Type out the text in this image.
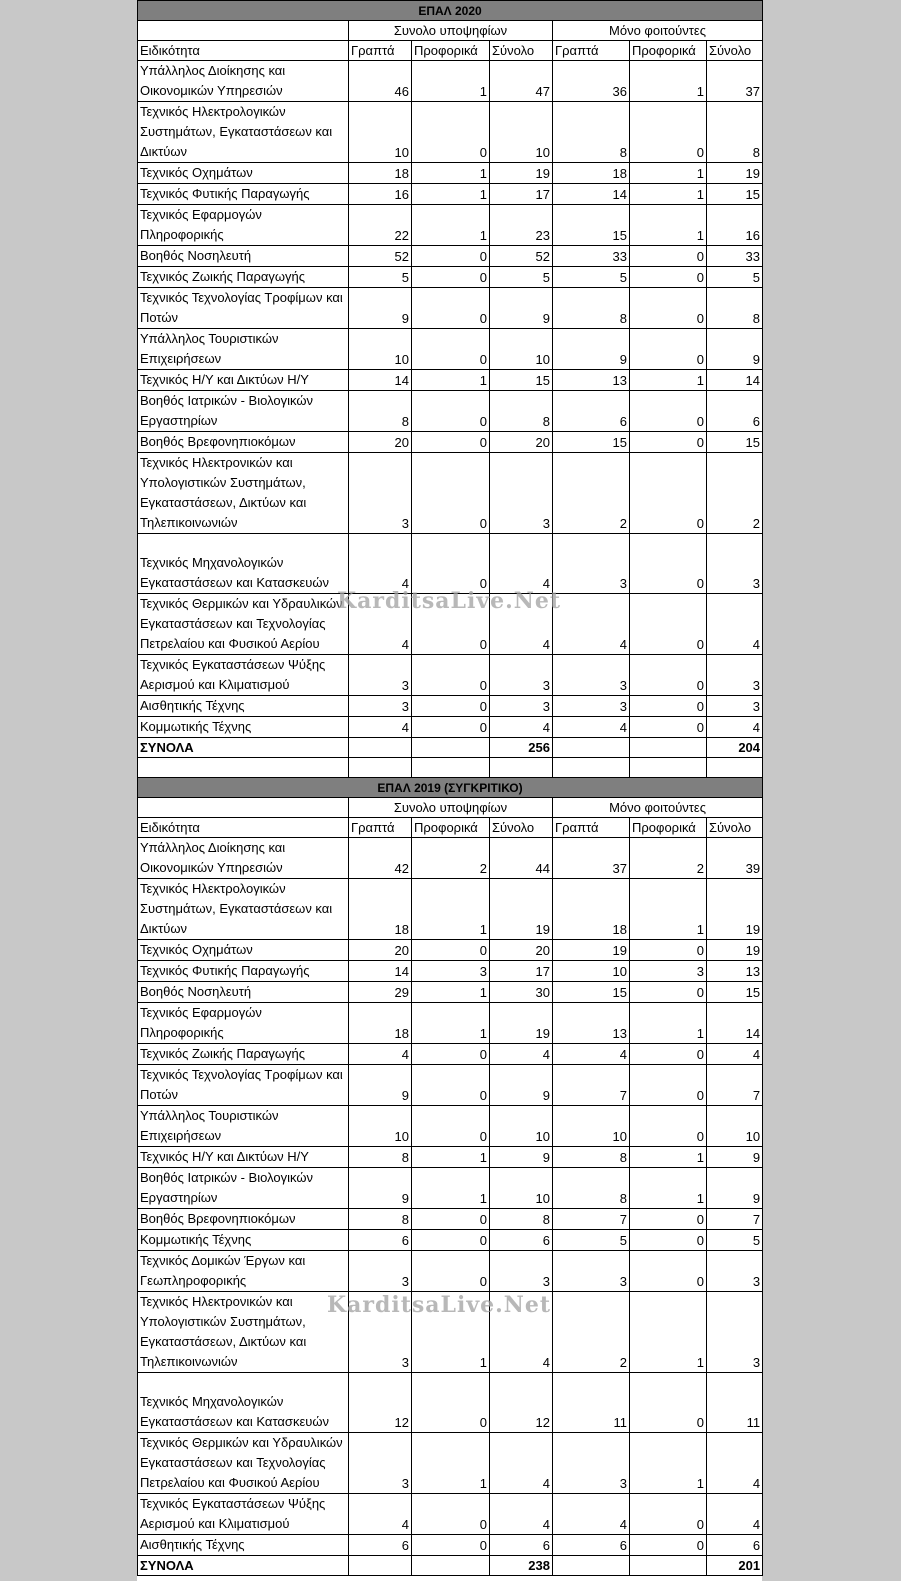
ΕΠΑΛ 2020						
	Συνολο υποψηφίων			Μόνο φοιτούντες		
Ειδικότητα	Γραπτά	Προφορικά	Σύνολο	Γραπτά	Προφορικά	Σύνολο
Υπάλληλος Διοίκησης και Οικονομικών Υπηρεσιών	46	1	47	36	1	37
Τεχνικός Ηλεκτρολογικών Συστημάτων, Εγκαταστάσεων και Δικτύων	10	0	10	8	0	8
Τεχνικός Οχημάτων	18	1	19	18	1	19
Τεχνικός Φυτικής Παραγωγής	16	1	17	14	1	15
Τεχνικός Εφαρμογών Πληροφορικής	22	1	23	15	1	16
Βοηθός Νοσηλευτή	52	0	52	33	0	33
Τεχνικός Ζωικής Παραγωγής	5	0	5	5	0	5
Τεχνικός Τεχνολογίας Τροφίμων και Ποτών	9	0	9	8	0	8
Υπάλληλος Τουριστικών Επιχειρήσεων	10	0	10	9	0	9
Τεχνικός Η/Υ και Δικτύων Η/Υ	14	1	15	13	1	14
Βοηθός Ιατρικών - Βιολογικών Εργαστηρίων	8	0	8	6	0	6
Βοηθός Βρεφονηπιοκόμων	20	0	20	15	0	15
Τεχνικός Ηλεκτρονικών και Υπολογιστικών Συστημάτων, Εγκαταστάσεων, Δικτύων και Τηλεπικοινωνιών	3	0	3	2	0	2
Τεχνικός Μηχανολογικών Εγκαταστάσεων και Κατασκευών	4	0	4	3	0	3
Τεχνικός Θερμικών και Υδραυλικών Εγκαταστάσεων και Τεχνολογίας Πετρελαίου και Φυσικού Αερίου	4	0	4	4	0	4
Τεχνικός Εγκαταστάσεων Ψύξης Αερισμού και Κλιματισμού	3	0	3	3	0	3
Αισθητικής Τέχνης	3	0	3	3	0	3
Κομμωτικής Τέχνης	4	0	4	4	0	4
ΣΥΝΟΛΑ			256			204

ΕΠΑΛ 2019 (ΣΥΓΚΡΙΤΙΚΟ)						
	Συνολο υποψηφίων			Μόνο φοιτούντες		
Ειδικότητα	Γραπτά	Προφορικά	Σύνολο	Γραπτά	Προφορικά	Σύνολο
Υπάλληλος Διοίκησης και Οικονομικών Υπηρεσιών	42	2	44	37	2	39
Τεχνικός Ηλεκτρολογικών Συστημάτων, Εγκαταστάσεων και Δικτύων	18	1	19	18	1	19
Τεχνικός Οχημάτων	20	0	20	19	0	19
Τεχνικός Φυτικής Παραγωγής	14	3	17	10	3	13
Βοηθός Νοσηλευτή	29	1	30	15	0	15
Τεχνικός Εφαρμογών Πληροφορικής	18	1	19	13	1	14
Τεχνικός Ζωικής Παραγωγής	4	0	4	4	0	4
Τεχνικός Τεχνολογίας Τροφίμων και Ποτών	9	0	9	7	0	7
Υπάλληλος Τουριστικών Επιχειρήσεων	10	0	10	10	0	10
Τεχνικός Η/Υ και Δικτύων Η/Υ	8	1	9	8	1	9
Βοηθός Ιατρικών - Βιολογικών Εργαστηρίων	9	1	10	8	1	9
Βοηθός Βρεφονηπιοκόμων	8	0	8	7	0	7
Κομμωτικής Τέχνης	6	0	6	5	0	5
Τεχνικός Δομικών Έργων και Γεωπληροφορικής	3	0	3	3	0	3
Τεχνικός Ηλεκτρονικών και Υπολογιστικών Συστημάτων, Εγκαταστάσεων, Δικτύων και Τηλεπικοινωνιών	3	1	4	2	1	3
Τεχνικός Μηχανολογικών Εγκαταστάσεων και Κατασκευών	12	0	12	11	0	11
Τεχνικός Θερμικών και Υδραυλικών Εγκαταστάσεων και Τεχνολογίας Πετρελαίου και Φυσικού Αερίου	3	1	4	3	1	4
Τεχνικός Εγκαταστάσεων Ψύξης Αερισμού και Κλιματισμού	4	0	4	4	0	4
Αισθητικής Τέχνης	6	0	6	6	0	6
ΣΥΝΟΛΑ			238			201
KarditsaLive.Net
KarditsaLive.Net
